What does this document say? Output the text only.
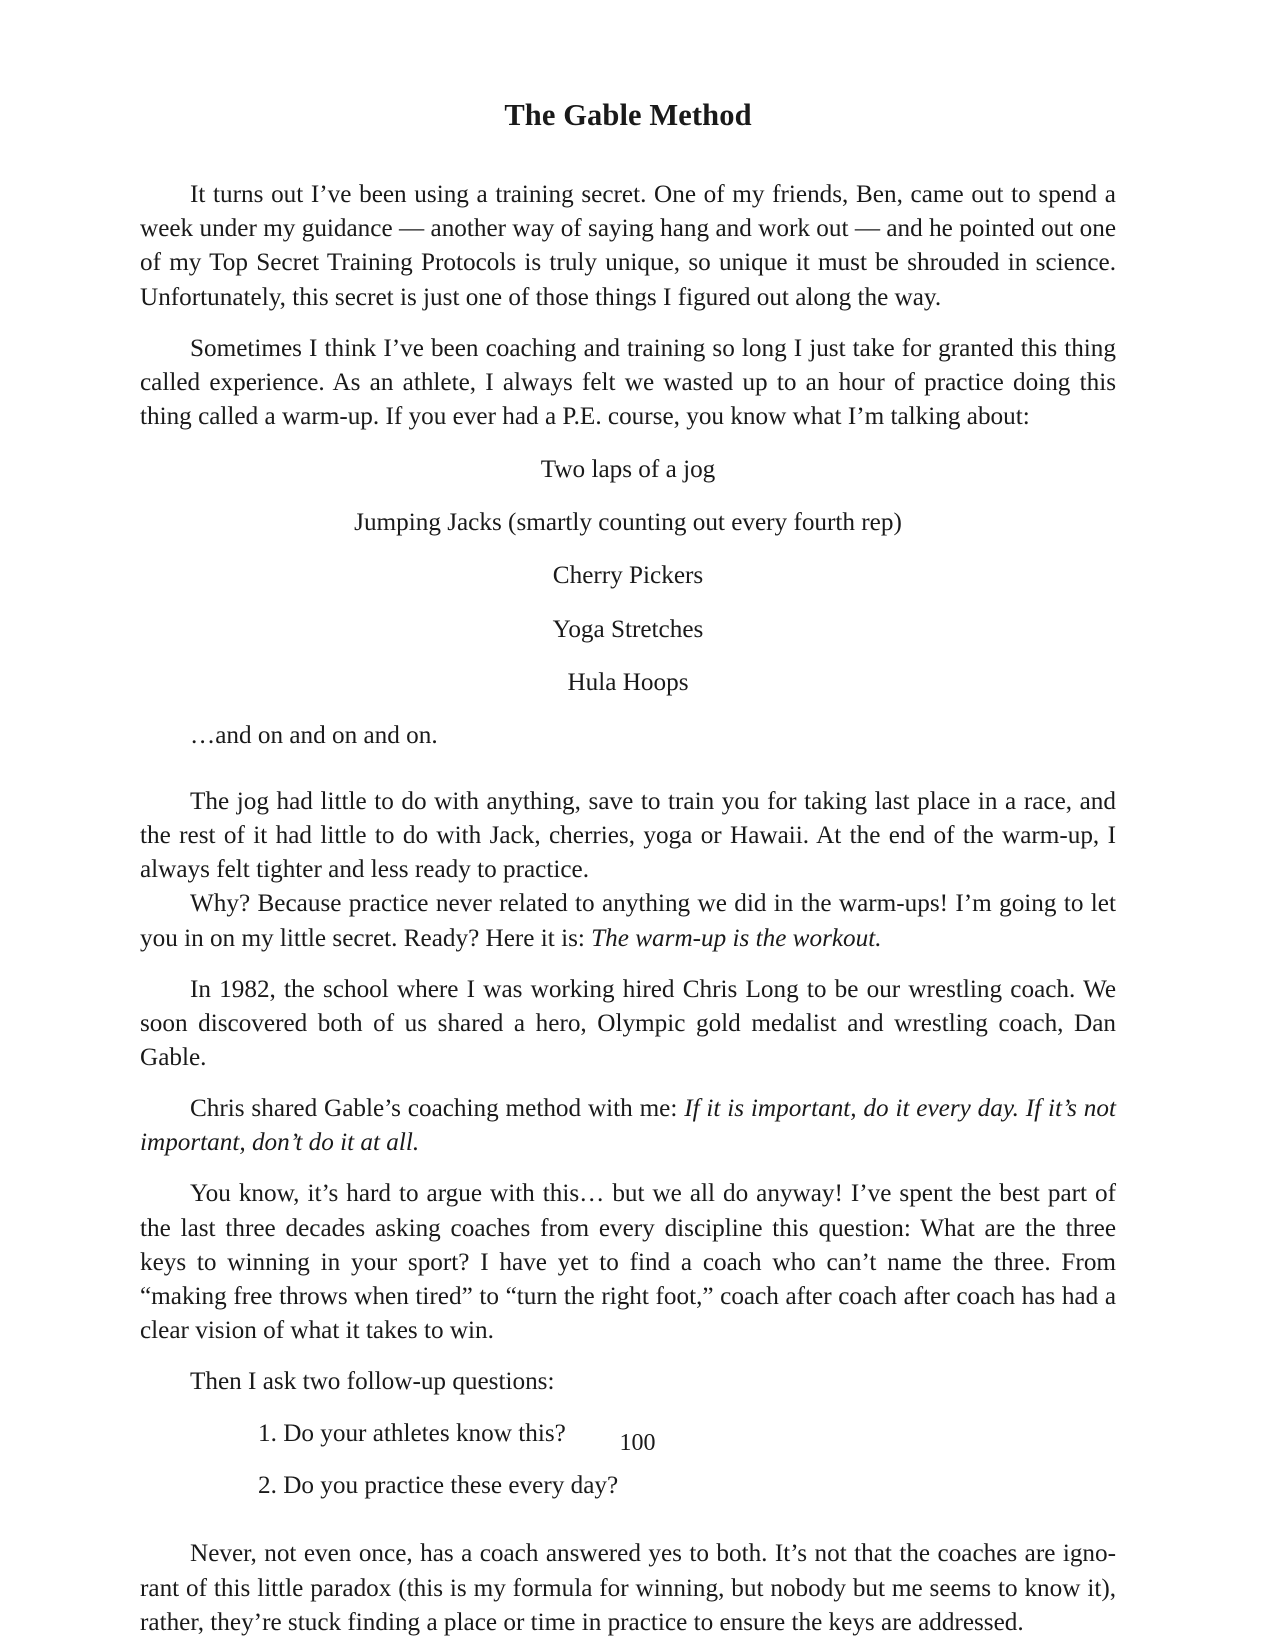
The Gable Method

It turns out I’ve been using a training secret. One of my friends, Ben, came out to spend a week under my guidance — another way of saying hang and work out — and he pointed out one of my Top Secret Training Protocols is truly unique, so unique it must be shrouded in science. Unfortunately, this secret is just one of those things I figured out along the way.

Sometimes I think I’ve been coaching and training so long I just take for granted this thing called experience. As an athlete, I always felt we wasted up to an hour of practice doing this thing called a warm-up. If you ever had a P.E. course, you know what I’m talking about:

Two laps of a jog

Jumping Jacks (smartly counting out every fourth rep)

Cherry Pickers

Yoga Stretches

Hula Hoops

…and on and on and on.

The jog had little to do with anything, save to train you for taking last place in a race, and the rest of it had little to do with Jack, cherries, yoga or Hawaii. At the end of the warm-up, I always felt tighter and less ready to practice.

Why? Because practice never related to anything we did in the warm-ups! I’m going to let you in on my little secret. Ready? Here it is: The warm-up is the workout.

In 1982, the school where I was working hired Chris Long to be our wrestling coach. We soon discovered both of us shared a hero, Olympic gold medalist and wrestling coach, Dan Gable.

Chris shared Gable’s coaching method with me: If it is important, do it every day. If it’s not important, don’t do it at all.

You know, it’s hard to argue with this… but we all do anyway! I’ve spent the best part of the last three decades asking coaches from every discipline this question: What are the three keys to winning in your sport? I have yet to find a coach who can’t name the three. From “making free throws when tired” to “turn the right foot,” coach after coach after coach has had a clear vision of what it takes to win.

Then I ask two follow-up questions:

1. Do your athletes know this?

2. Do you practice these every day?

Never, not even once, has a coach answered yes to both. It’s not that the coaches are igno-rant of this little paradox (this is my formula for winning, but nobody but me seems to know it), rather, they’re stuck finding a place or time in practice to ensure the keys are addressed.

100
